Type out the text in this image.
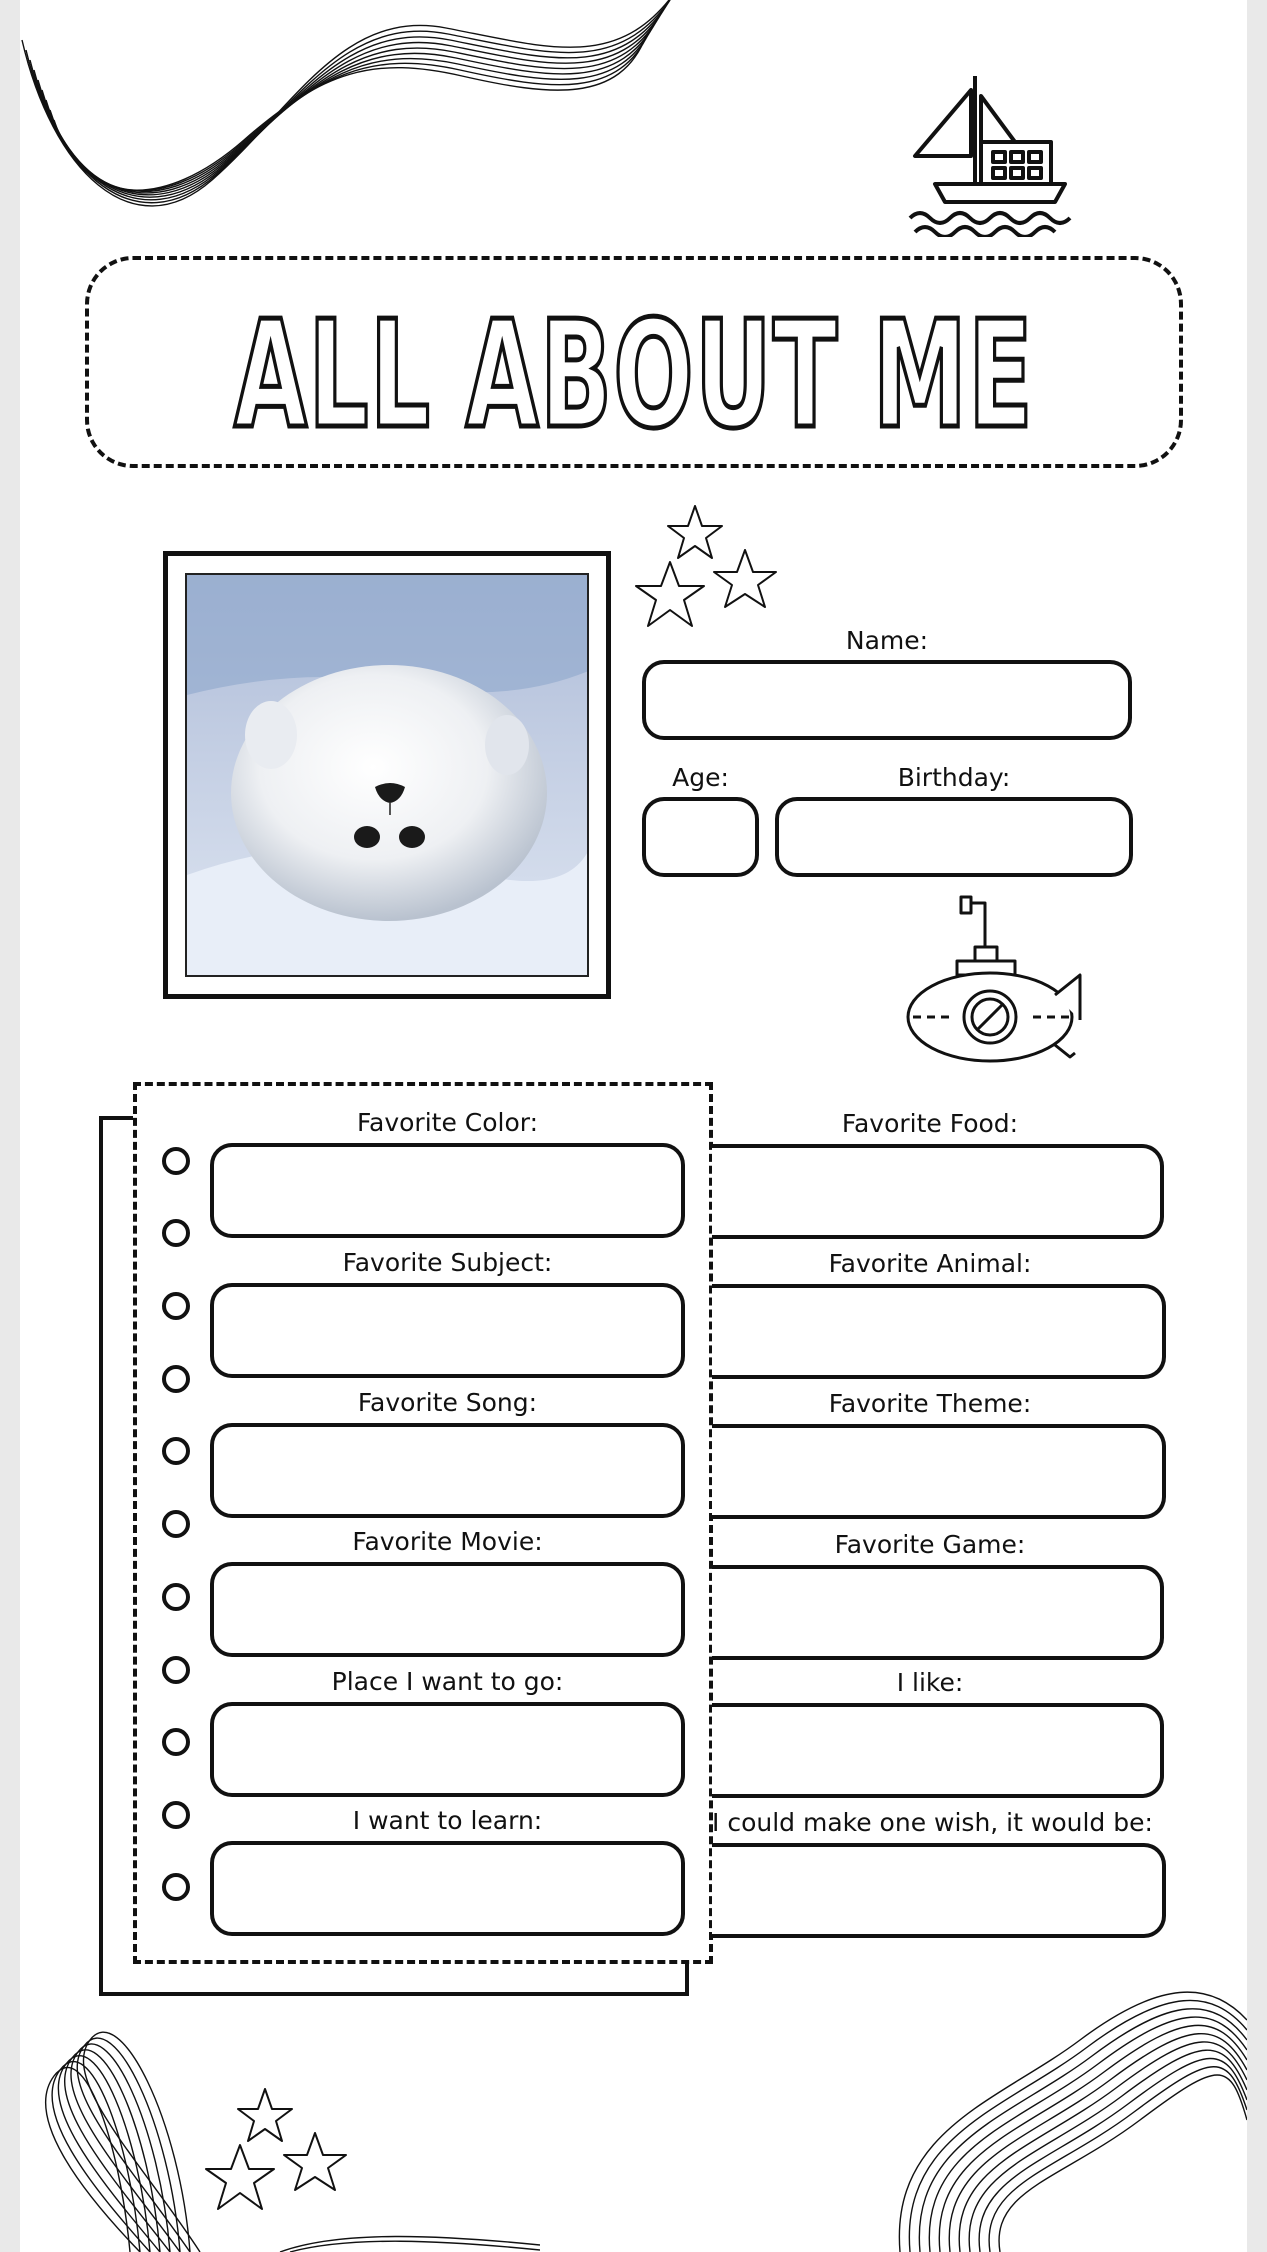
ALL ABOUT ME
Name:
Age:	Birthday:
Favorite Color:
Favorite Subject:
Favorite Song:
Favorite Movie:
Place I want to go:
I want to learn:
Favorite Food:
Favorite Animal:
Favorite Theme:
Favorite Game:
I like:
I could make one wish, it would be:
